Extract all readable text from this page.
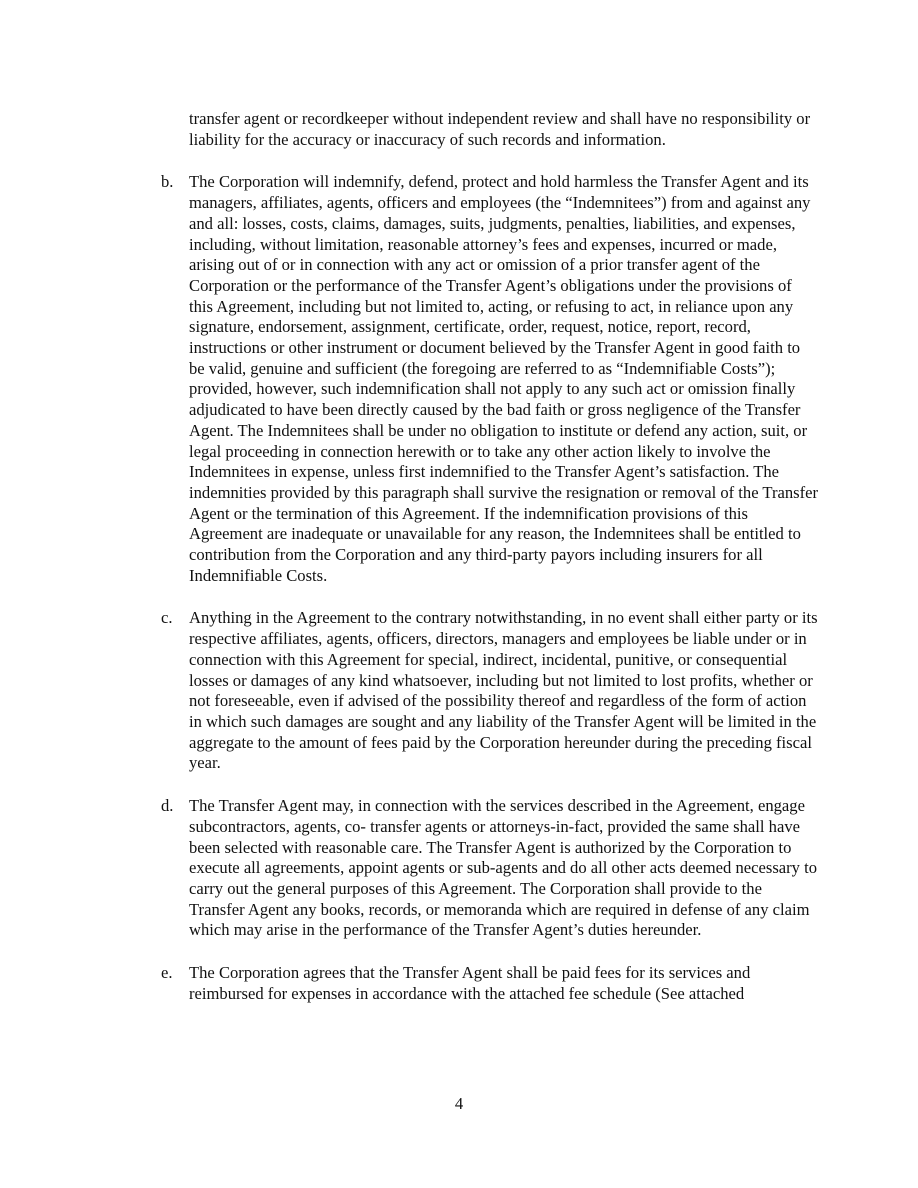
transfer agent or recordkeeper without independent review and shall have no responsibility or liability for the accuracy or inaccuracy of such records and information.

b. The Corporation will indemnify, defend, protect and hold harmless the Transfer Agent and its managers, affiliates, agents, officers and employees (the “Indemnitees”) from and against any and all: losses, costs, claims, damages, suits, judgments, penalties, liabilities, and expenses, including, without limitation, reasonable attorney’s fees and expenses, incurred or made, arising out of or in connection with any act or omission of a prior transfer agent of the Corporation or the performance of the Transfer Agent’s obligations under the provisions of this Agreement, including but not limited to, acting, or refusing to act, in reliance upon any signature, endorsement, assignment, certificate, order, request, notice, report, record, instructions or other instrument or document believed by the Transfer Agent in good faith to be valid, genuine and sufficient (the foregoing are referred to as “Indemnifiable Costs”); provided, however, such indemnification shall not apply to any such act or omission finally adjudicated to have been directly caused by the bad faith or gross negligence of the Transfer Agent. The Indemnitees shall be under no obligation to institute or defend any action, suit, or legal proceeding in connection herewith or to take any other action likely to involve the Indemnitees in expense, unless first indemnified to the Transfer Agent’s satisfaction. The indemnities provided by this paragraph shall survive the resignation or removal of the Transfer Agent or the termination of this Agreement. If the indemnification provisions of this Agreement are inadequate or unavailable for any reason, the Indemnitees shall be entitled to contribution from the Corporation and any third-party payors including insurers for all Indemnifiable Costs.

c. Anything in the Agreement to the contrary notwithstanding, in no event shall either party or its respective affiliates, agents, officers, directors, managers and employees be liable under or in connection with this Agreement for special, indirect, incidental, punitive, or consequential losses or damages of any kind whatsoever, including but not limited to lost profits, whether or not foreseeable, even if advised of the possibility thereof and regardless of the form of action in which such damages are sought and any liability of the Transfer Agent will be limited in the aggregate to the amount of fees paid by the Corporation hereunder during the preceding fiscal year.

d. The Transfer Agent may, in connection with the services described in the Agreement, engage subcontractors, agents, co- transfer agents or attorneys-in-fact, provided the same shall have been selected with reasonable care. The Transfer Agent is authorized by the Corporation to execute all agreements, appoint agents or sub-agents and do all other acts deemed necessary to carry out the general purposes of this Agreement. The Corporation shall provide to the Transfer Agent any books, records, or memoranda which are required in defense of any claim which may arise in the performance of the Transfer Agent’s duties hereunder.

e. The Corporation agrees that the Transfer Agent shall be paid fees for its services and reimbursed for expenses in accordance with the attached fee schedule (See attached

4
